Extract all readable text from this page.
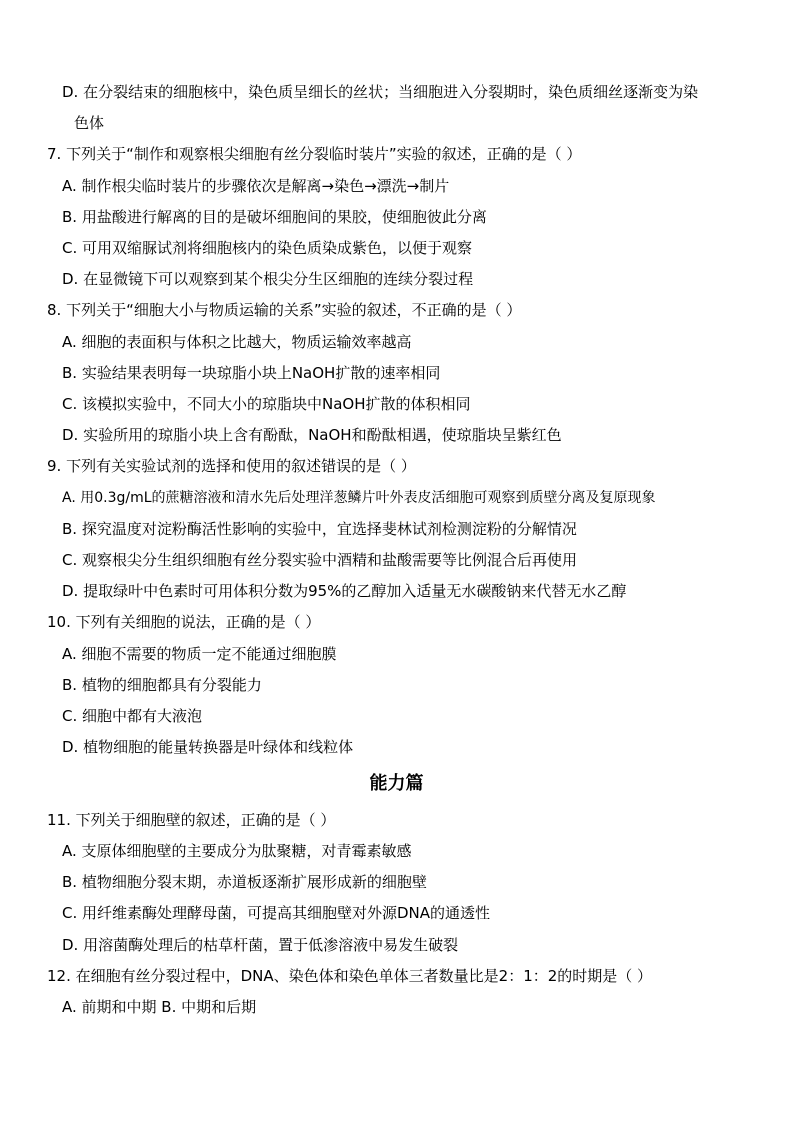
D. 在分裂结束的细胞核中，染色质呈细长的丝状；当细胞进入分裂期时，染色质细丝逐渐变为染
色体
7. 下列关于“制作和观察根尖细胞有丝分裂临时装片”实验的叙述，正确的是（ ）
A. 制作根尖临时装片的步骤依次是解离→染色→漂洗→制片
B. 用盐酸进行解离的目的是破坏细胞间的果胶，使细胞彼此分离
C. 可用双缩脲试剂将细胞核内的染色质染成紫色，以便于观察
D. 在显微镜下可以观察到某个根尖分生区细胞的连续分裂过程
8. 下列关于“细胞大小与物质运输的关系”实验的叙述，不正确的是（ ）
A. 细胞的表面积与体积之比越大，物质运输效率越高
B. 实验结果表明每一块琼脂小块上NaOH扩散的速率相同
C. 该模拟实验中，不同大小的琼脂块中NaOH扩散的体积相同
D. 实验所用的琼脂小块上含有酚酞，NaOH和酚酞相遇，使琼脂块呈紫红色
9. 下列有关实验试剂的选择和使用的叙述错误的是（ ）
A. 用0.3g/mL的蔗糖溶液和清水先后处理洋葱鳞片叶外表皮活细胞可观察到质壁分离及复原现象
B. 探究温度对淀粉酶活性影响的实验中，宜选择斐林试剂检测淀粉的分解情况
C. 观察根尖分生组织细胞有丝分裂实验中酒精和盐酸需要等比例混合后再使用
D. 提取绿叶中色素时可用体积分数为95%的乙醇加入适量无水碳酸钠来代替无水乙醇
10. 下列有关细胞的说法，正确的是（ ）
A. 细胞不需要的物质一定不能通过细胞膜
B. 植物的细胞都具有分裂能力
C. 细胞中都有大液泡
D. 植物细胞的能量转换器是叶绿体和线粒体
能力篇
11. 下列关于细胞壁的叙述，正确的是（ ）
A. 支原体细胞壁的主要成分为肽聚糖，对青霉素敏感
B. 植物细胞分裂末期，赤道板逐渐扩展形成新的细胞壁
C. 用纤维素酶处理酵母菌，可提高其细胞壁对外源DNA的通透性
D. 用溶菌酶处理后的枯草杆菌，置于低渗溶液中易发生破裂
12. 在细胞有丝分裂过程中，DNA、染色体和染色单体三者数量比是2：1：2的时期是（ ）
A. 前期和中期 B. 中期和后期
